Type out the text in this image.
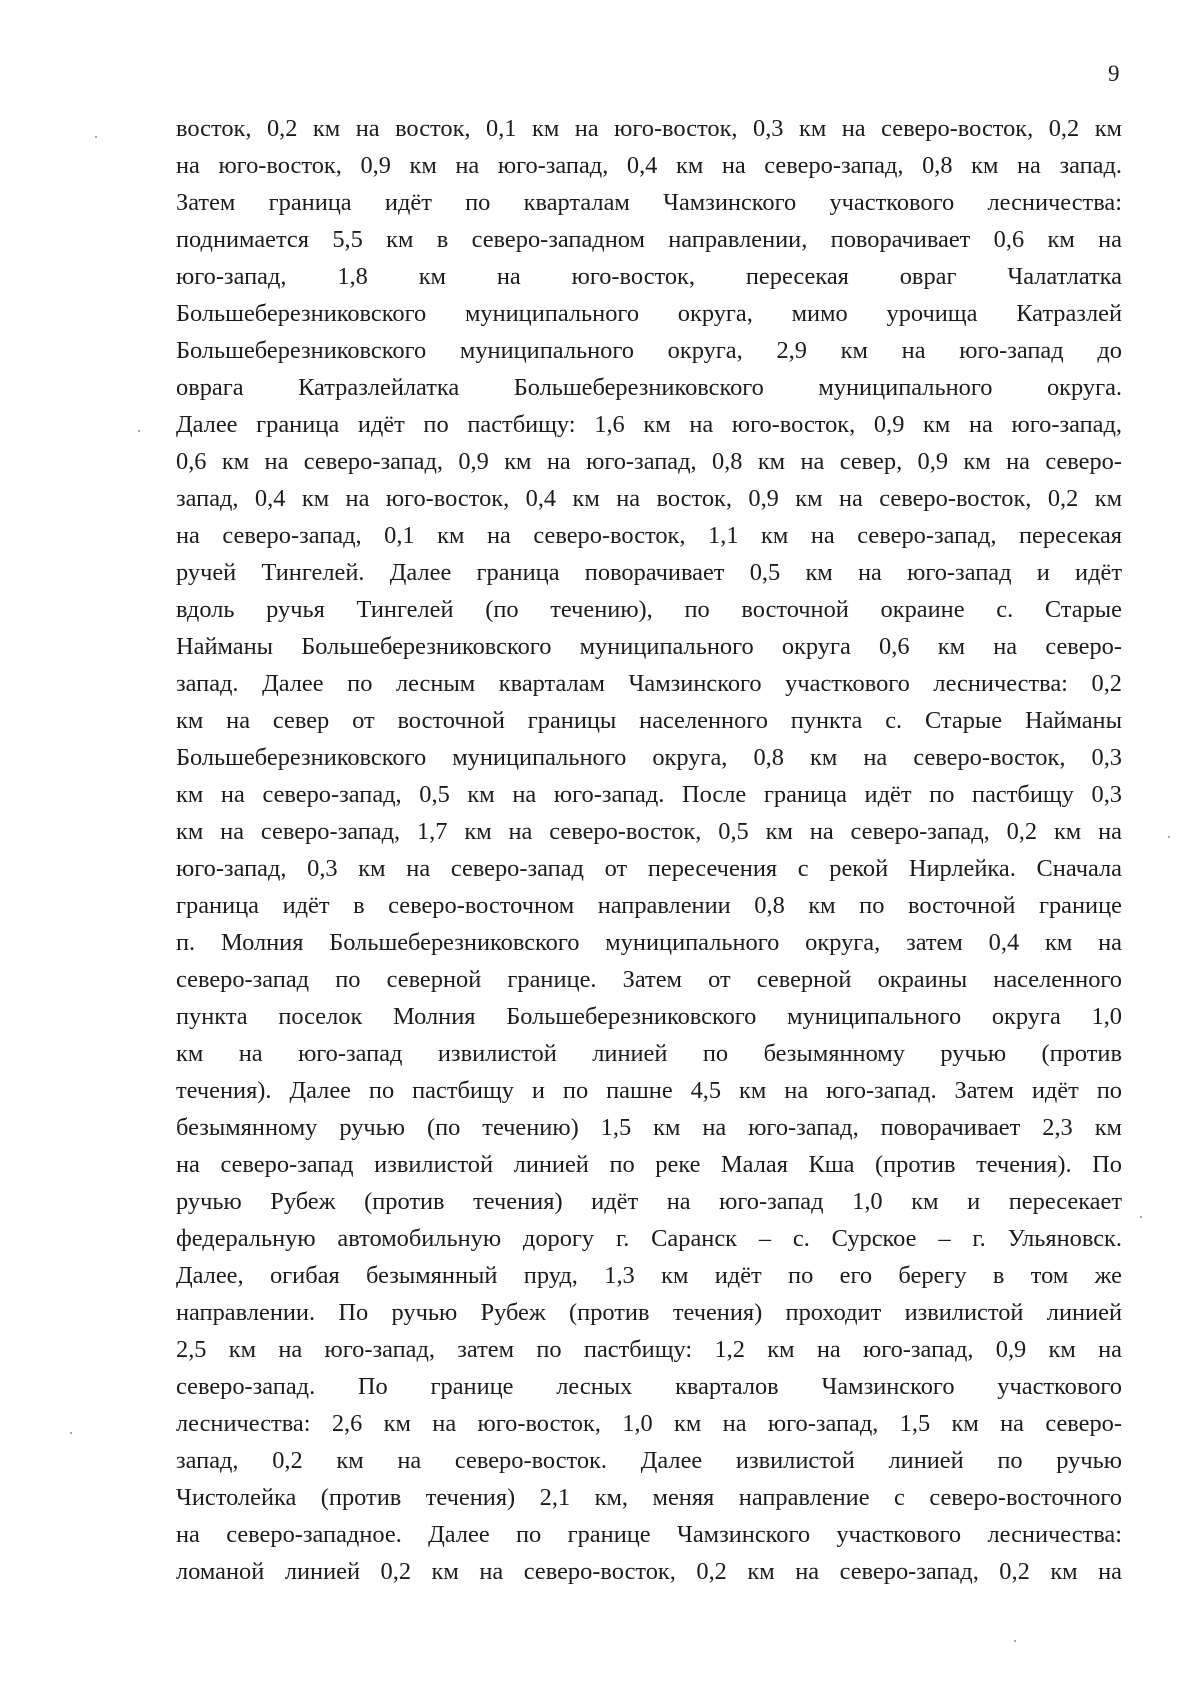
9
восток, 0,2 км на восток, 0,1 км на юго-восток, 0,3 км на северо-восток, 0,2 км
на юго-восток, 0,9 км на юго-запад, 0,4 км на северо-запад, 0,8 км на запад.
Затем граница идёт по кварталам Чамзинского участкового лесничества:
поднимается 5,5 км в северо-западном направлении, поворачивает 0,6 км на
юго-запад, 1,8 км на юго-восток, пересекая овраг Чалатлатка
Большеберезниковского муниципального округа, мимо урочища Катразлей
Большеберезниковского муниципального округа, 2,9 км на юго-запад до
оврага Катразлейлатка Большеберезниковского муниципального округа.
Далее граница идёт по пастбищу: 1,6 км на юго-восток, 0,9 км на юго-запад,
0,6 км на северо-запад, 0,9 км на юго-запад, 0,8 км на север, 0,9 км на северо-
запад, 0,4 км на юго-восток, 0,4 км на восток, 0,9 км на северо-восток, 0,2 км
на северо-запад, 0,1 км на северо-восток, 1,1 км на северо-запад, пересекая
ручей Тингелей. Далее граница поворачивает 0,5 км на юго-запад и идёт
вдоль ручья Тингелей (по течению), по восточной окраине с. Старые
Найманы Большеберезниковского муниципального округа 0,6 км на северо-
запад. Далее по лесным кварталам Чамзинского участкового лесничества: 0,2
км на север от восточной границы населенного пункта с. Старые Найманы
Большеберезниковского муниципального округа, 0,8 км на северо-восток, 0,3
км на северо-запад, 0,5 км на юго-запад. После граница идёт по пастбищу 0,3
км на северо-запад, 1,7 км на северо-восток, 0,5 км на северо-запад, 0,2 км на
юго-запад, 0,3 км на северо-запад от пересечения с рекой Нирлейка. Сначала
граница идёт в северо-восточном направлении 0,8 км по восточной границе
п. Молния Большеберезниковского муниципального округа, затем 0,4 км на
северо-запад по северной границе. Затем от северной окраины населенного
пункта поселок Молния Большеберезниковского муниципального округа 1,0
км на юго-запад извилистой линией по безымянному ручью (против
течения). Далее по пастбищу и по пашне 4,5 км на юго-запад. Затем идёт по
безымянному ручью (по течению) 1,5 км на юго-запад, поворачивает 2,3 км
на северо-запад извилистой линией по реке Малая Кша (против течения). По
ручью Рубеж (против течения) идёт на юго-запад 1,0 км и пересекает
федеральную автомобильную дорогу г. Саранск – с. Сурское – г. Ульяновск.
Далее, огибая безымянный пруд, 1,3 км идёт по его берегу в том же
направлении. По ручью Рубеж (против течения) проходит извилистой линией
2,5 км на юго-запад, затем по пастбищу: 1,2 км на юго-запад, 0,9 км на
северо-запад. По границе лесных кварталов Чамзинского участкового
лесничества: 2,6 км на юго-восток, 1,0 км на юго-запад, 1,5 км на северо-
запад, 0,2 км на северо-восток. Далее извилистой линией по ручью
Чистолейка (против течения) 2,1 км, меняя направление с северо-восточного
на северо-западное. Далее по границе Чамзинского участкового лесничества:
ломаной линией 0,2 км на северо-восток, 0,2 км на северо-запад, 0,2 км на
